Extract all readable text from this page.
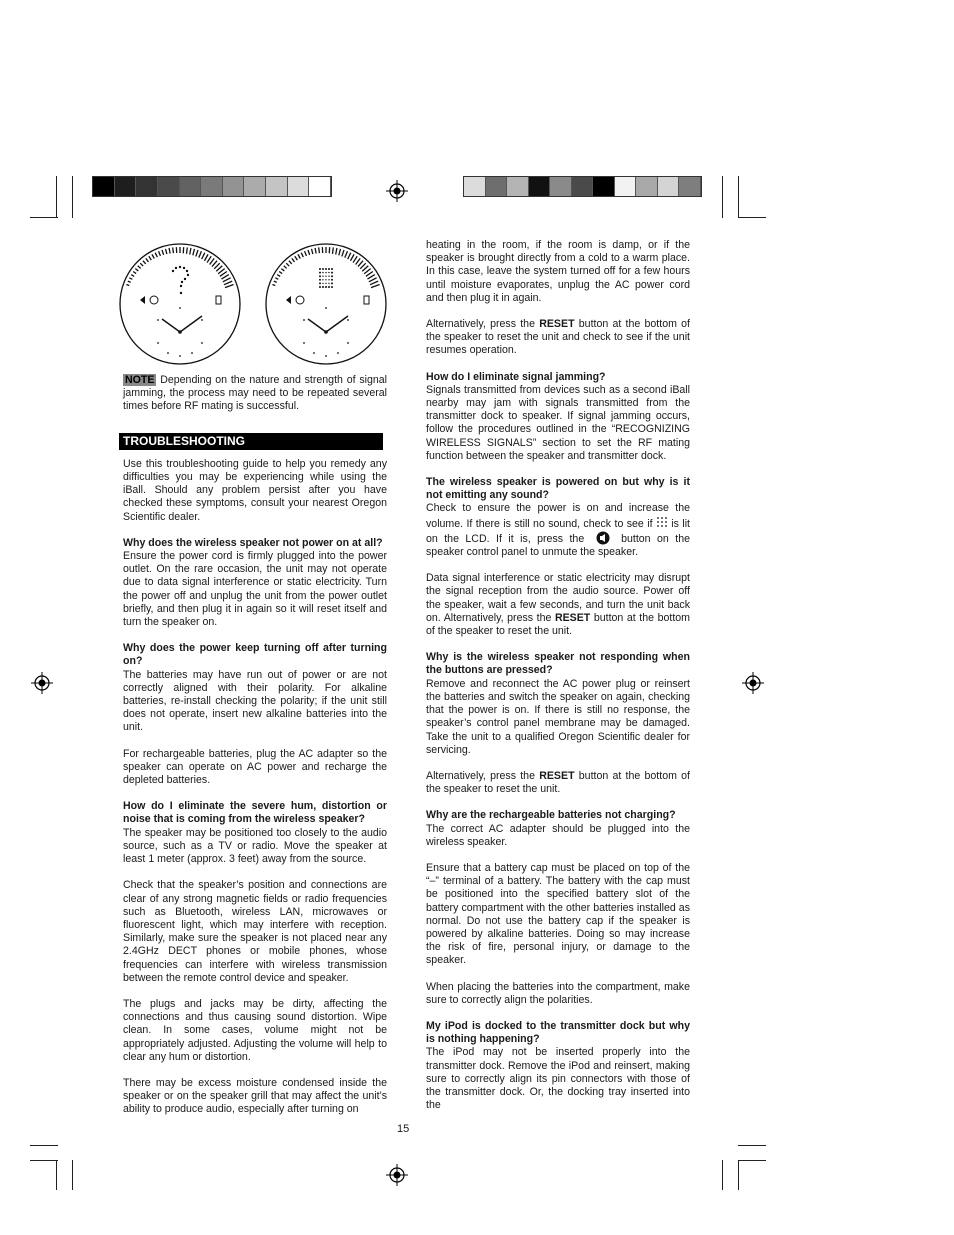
NOTE Depending on the nature and strength of signal jamming, the process may need to be repeated several times before RF mating is successful.

TROUBLESHOOTING

Use this troubleshooting guide to help you remedy any difficulties you may be experiencing while using the iBall. Should any problem persist after you have checked these symptoms, consult your nearest Oregon Scientific dealer.

Why does the wireless speaker not power on at all?
Ensure the power cord is firmly plugged into the power outlet. On the rare occasion, the unit may not operate due to data signal interference or static electricity. Turn the power off and unplug the unit from the power outlet briefly, and then plug it in again so it will reset itself and turn the speaker on.

Why does the power keep turning off after turning on?
The batteries may have run out of power or are not correctly aligned with their polarity. For alkaline batteries, re-install checking the polarity; if the unit still does not operate, insert new alkaline batteries into the unit.

For rechargeable batteries, plug the AC adapter so the speaker can operate on AC power and recharge the depleted batteries.

How do I eliminate the severe hum, distortion or noise that is coming from the wireless speaker?
The speaker may be positioned too closely to the audio source, such as a TV or radio. Move the speaker at least 1 meter (approx. 3 feet) away from the source.

Check that the speaker’s position and connections are clear of any strong magnetic fields or radio frequencies such as Bluetooth, wireless LAN, microwaves or fluorescent light, which may interfere with reception. Similarly, make sure the speaker is not placed near any 2.4GHz DECT phones or mobile phones, whose frequencies can interfere with wireless transmission between the remote control device and speaker.

The plugs and jacks may be dirty, affecting the connections and thus causing sound distortion. Wipe clean. In some cases, volume might not be appropriately adjusted. Adjusting the volume will help to clear any hum or distortion.

There may be excess moisture condensed inside the speaker or on the speaker grill that may affect the unit’s ability to produce audio, especially after turning on

heating in the room, if the room is damp, or if the speaker is brought directly from a cold to a warm place. In this case, leave the system turned off for a few hours until moisture evaporates, unplug the AC power cord and then plug it in again.

Alternatively, press the RESET button at the bottom of the speaker to reset the unit and check to see if the unit resumes operation.

How do I eliminate signal jamming?
Signals transmitted from devices such as a second iBall nearby may jam with signals transmitted from the transmitter dock to speaker. If signal jamming occurs, follow the procedures outlined in the “RECOGNIZING WIRELESS SIGNALS” section to set the RF mating function between the speaker and transmitter dock.

The wireless speaker is powered on but why is it not emitting any sound?
Check to ensure the power is on and increase the volume. If there is still no sound, check to see if  is lit on the LCD. If it is, press the  button on the speaker control panel to unmute the speaker.

Data signal interference or static electricity may disrupt the signal reception from the audio source. Power off the speaker, wait a few seconds, and turn the unit back on. Alternatively, press the RESET button at the bottom of the speaker to reset the unit.

Why is the wireless speaker not responding when the buttons are pressed?
Remove and reconnect the AC power plug or reinsert the batteries and switch the speaker on again, checking that the power is on. If there is still no response, the speaker’s control panel membrane may be damaged. Take the unit to a qualified Oregon Scientific dealer for servicing.

Alternatively, press the RESET button at the bottom of the speaker to reset the unit.

Why are the rechargeable batteries not charging?
The correct AC adapter should be plugged into the wireless speaker.

Ensure that a battery cap must be placed on top of the “–” terminal of a battery. The battery with the cap must be positioned into the specified battery slot of the battery compartment with the other batteries installed as normal. Do not use the battery cap if the speaker is powered by alkaline batteries. Doing so may increase the risk of fire, personal injury, or damage to the speaker.

When placing the batteries into the compartment, make sure to correctly align the polarities.

My iPod is docked to the transmitter dock but why is nothing happening?
The iPod may not be inserted properly into the transmitter dock. Remove the iPod and reinsert, making sure to correctly align its pin connectors with those of the transmitter dock. Or, the docking tray inserted into the

15
